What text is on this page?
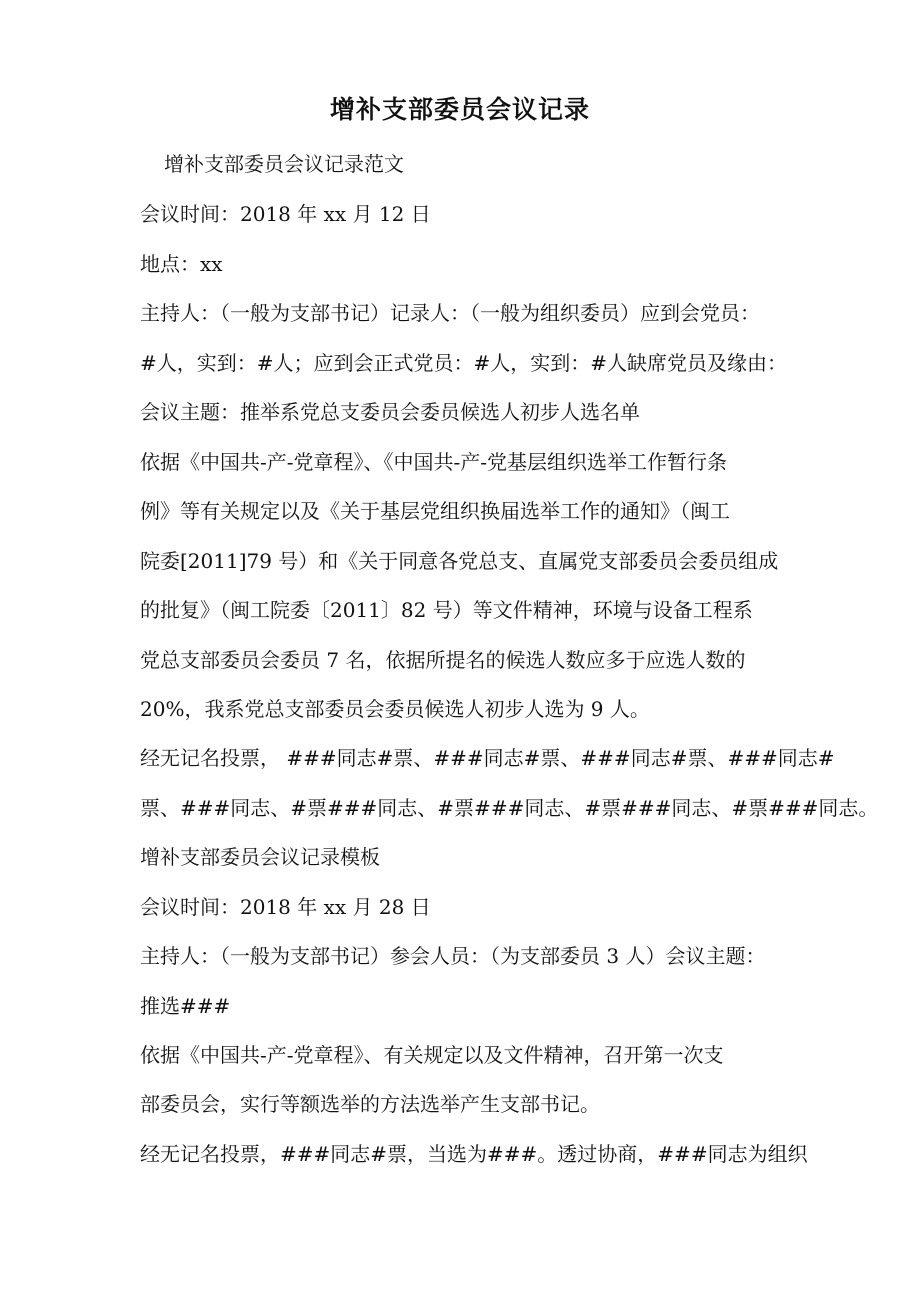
增补支部委员会议记录
增补支部委员会议记录范文
会议时间：2018 年 xx 月 12 日
地点：xx
主持人：（一般为支部书记）记录人：（一般为组织委员）应到会党员：
#人，实到：#人；应到会正式党员：#人，实到：#人缺席党员及缘由：
会议主题：推举系党总支委员会委员候选人初步人选名单
依据《中国共-产-党章程》、《中国共-产-党基层组织选举工作暂行条
例》等有关规定以及《关于基层党组织换届选举工作的通知》（闽工
院委[2011]79 号）和《关于同意各党总支、直属党支部委员会委员组成
的批复》（闽工院委〔2011〕82 号）等文件精神，环境与设备工程系
党总支部委员会委员 7 名，依据所提名的候选人数应多于应选人数的
20%，我系党总支部委员会委员候选人初步人选为 9 人。
经无记名投票， ###同志#票、###同志#票、###同志#票、###同志#
票、###同志、#票###同志、#票###同志、#票###同志、#票###同志。
增补支部委员会议记录模板
会议时间：2018 年 xx 月 28 日
主持人：（一般为支部书记）参会人员：（为支部委员 3 人）会议主题：
推选###
依据《中国共-产-党章程》、有关规定以及文件精神，召开第一次支
部委员会，实行等额选举的方法选举产生支部书记。
经无记名投票，###同志#票，当选为###。透过协商，###同志为组织
